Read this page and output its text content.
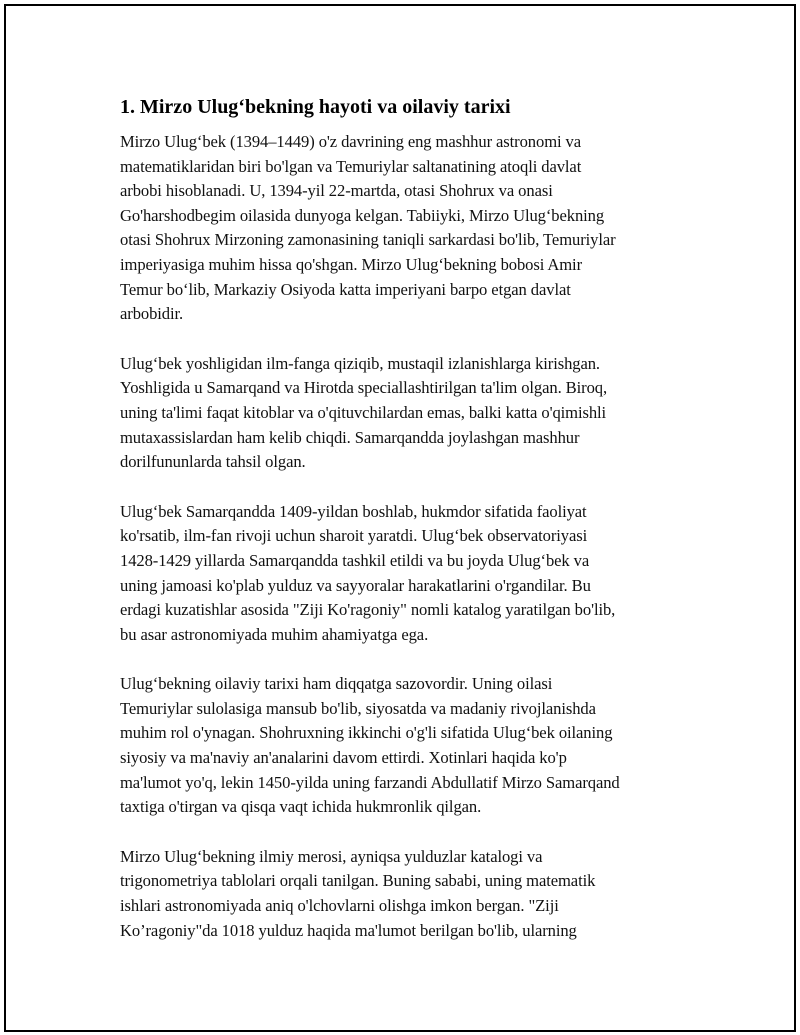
1. Mirzo Ulug‘bekning hayoti va oilaviy tarixi

Mirzo Ulug‘bek (1394–1449) o'z davrining eng mashhur astronomi va
matematiklaridan biri bo'lgan va Temuriylar saltanatining atoqli davlat
arbobi hisoblanadi. U, 1394-yil 22-martda, otasi Shohrux va onasi
Go'harshodbegim oilasida dunyoga kelgan. Tabiiyki, Mirzo Ulug‘bekning
otasi Shohrux Mirzoning zamonasining taniqli sarkardasi bo'lib, Temuriylar
imperiyasiga muhim hissa qo'shgan. Mirzo Ulug‘bekning bobosi Amir
Temur bo‘lib, Markaziy Osiyoda katta imperiyani barpo etgan davlat
arbobidir.

Ulug‘bek yoshligidan ilm-fanga qiziqib, mustaqil izlanishlarga kirishgan.
Yoshligida u Samarqand va Hirotda speciallashtirilgan ta'lim olgan. Biroq,
uning ta'limi faqat kitoblar va o'qituvchilardan emas, balki katta o'qimishli
mutaxassislardan ham kelib chiqdi. Samarqandda joylashgan mashhur
dorilfununlarda tahsil olgan.

Ulug‘bek Samarqandda 1409-yildan boshlab, hukmdor sifatida faoliyat
ko'rsatib, ilm-fan rivoji uchun sharoit yaratdi. Ulug‘bek observatoriyasi
1428-1429 yillarda Samarqandda tashkil etildi va bu joyda Ulug‘bek va
uning jamoasi ko'plab yulduz va sayyoralar harakatlarini o'rgandilar. Bu
erdagi kuzatishlar asosida "Ziji Ko'ragoniy" nomli katalog yaratilgan bo'lib,
bu asar astronomiyada muhim ahamiyatga ega.

Ulug‘bekning oilaviy tarixi ham diqqatga sazovordir. Uning oilasi
Temuriylar sulolasiga mansub bo'lib, siyosatda va madaniy rivojlanishda
muhim rol o'ynagan. Shohruxning ikkinchi o'g'li sifatida Ulug‘bek oilaning
siyosiy va ma'naviy an'analarini davom ettirdi. Xotinlari haqida ko'p
ma'lumot yo'q, lekin 1450-yilda uning farzandi Abdullatif Mirzo Samarqand
taxtiga o'tirgan va qisqa vaqt ichida hukmronlik qilgan.

Mirzo Ulug‘bekning ilmiy merosi, ayniqsa yulduzlar katalogi va
trigonometriya tablolari orqali tanilgan. Buning sababi, uning matematik
ishlari astronomiyada aniq o'lchovlarni olishga imkon bergan. "Ziji
Ko’ragoniy"da 1018 yulduz haqida ma'lumot berilgan bo'lib, ularning
